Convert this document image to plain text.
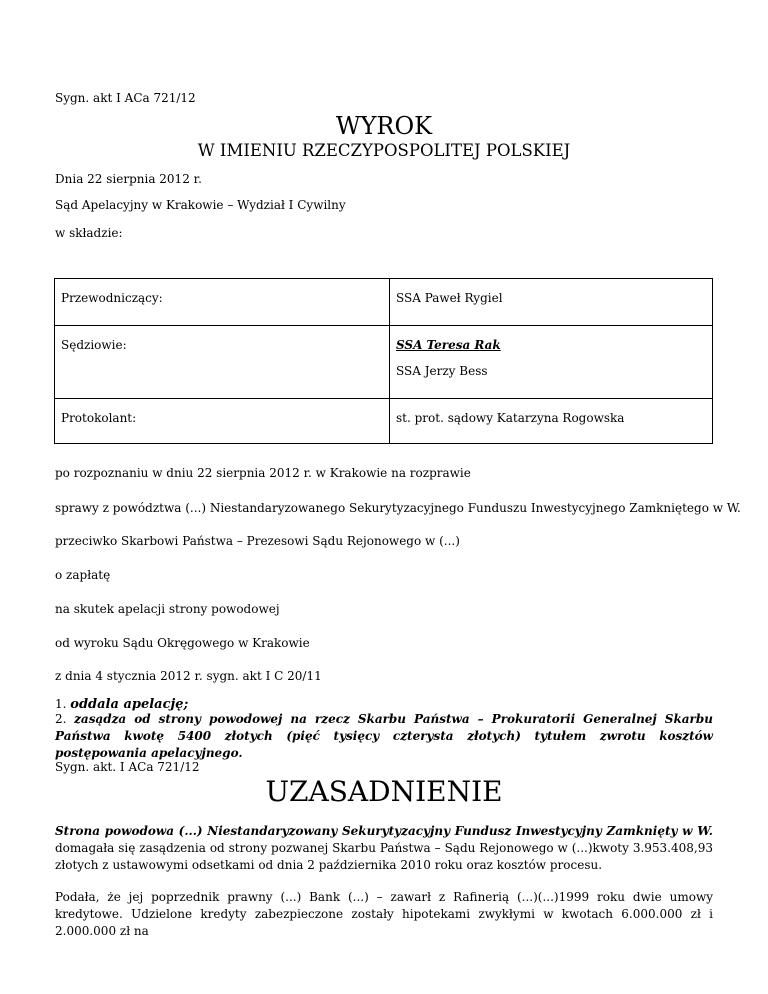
Sygn. akt I ACa 721/12
WYROK
W IMIENIU RZECZYPOSPOLITEJ POLSKIEJ
Dnia 22 sierpnia 2012 r.
Sąd Apelacyjny w Krakowie – Wydział I Cywilny
w składzie:
Przewodniczący:	SSA Paweł Rygiel

Sędziowie:	SSA Teresa Rak
SSA Jerzy Bess

Protokolant:	st. prot. sądowy Katarzyna Rogowska
po rozpoznaniu w dniu 22 sierpnia 2012 r. w Krakowie na rozprawie
sprawy z powództwa (...) Niestandaryzowanego Sekurytyzacyjnego Funduszu Inwestycyjnego Zamkniętego w W.
przeciwko Skarbowi Państwa – Prezesowi Sądu Rejonowego w (...)
o zapłatę
na skutek apelacji strony powodowej
od wyroku Sądu Okręgowego w Krakowie
z dnia 4 stycznia 2012 r. sygn. akt I C 20/11
1. oddala apelację;
2. zasądza od strony powodowej na rzecz Skarbu Państwa – Prokuratorii Generalnej Skarbu Państwa kwotę 5400 złotych (pięć tysięcy czterysta złotych) tytułem zwrotu kosztów postępowania apelacyjnego.
Sygn. akt. I ACa 721/12
UZASADNIENIE
Strona powodowa (...) Niestandaryzowany Sekurytyzacyjny Fundusz Inwestycyjny Zamknięty w W. domagała się zasądzenia od strony pozwanej Skarbu Państwa – Sądu Rejonowego w (...)kwoty 3.953.408,93 złotych z ustawowymi odsetkami od dnia 2 października 2010 roku oraz kosztów procesu.
Podała, że jej poprzednik prawny (...) Bank (...) – zawarł z Rafinerią (...)(...)1999 roku dwie umowy kredytowe. Udzielone kredyty zabezpieczone zostały hipotekami zwykłymi w kwotach 6.000.000 zł i 2.000.000 zł na
